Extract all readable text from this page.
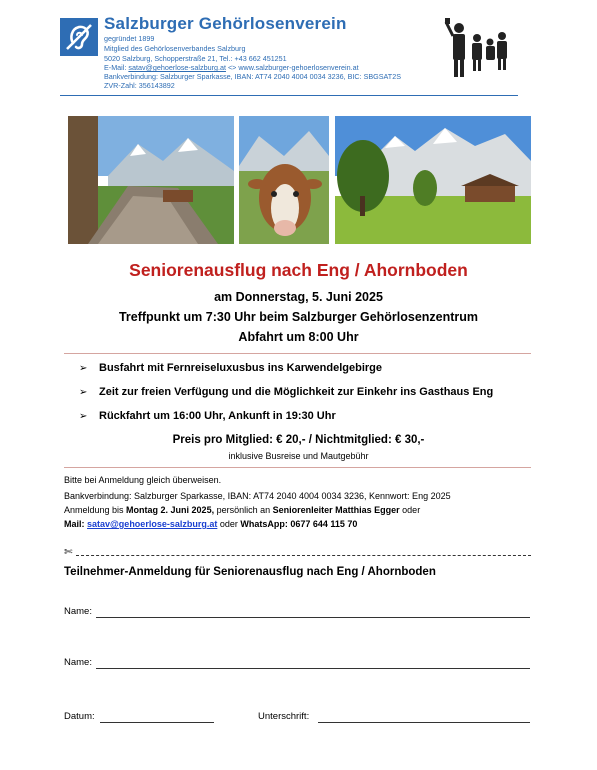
Salzburger Gehörlosenverein
gegründet 1899
Mitglied des Gehörlosenverbandes Salzburg
5020 Salzburg, Schopperstraße 21, Tel.: +43 662 451251
E-Mail: satav@gehoerlose-salzburg.at <> www.salzburger-gehoerlosenverein.at
Bankverbindung: Salzburger Sparkasse, IBAN: AT74 2040 4004 0034 3236, BIC: SBGSAT2S
ZVR-Zahl: 356143892
Seniorenausflug nach Eng / Ahornboden
am Donnerstag, 5. Juni 2025
Treffpunkt um 7:30 Uhr beim Salzburger Gehörlosenzentrum
Abfahrt um 8:00 Uhr
➢ Busfahrt mit Fernreiseluxusbus ins Karwendelgebirge
➢ Zeit zur freien Verfügung und die Möglichkeit zur Einkehr ins Gasthaus Eng
➢ Rückfahrt um 16:00 Uhr, Ankunft in 19:30 Uhr
Preis pro Mitglied: € 20,- / Nichtmitglied: € 30,-
inklusive Busreise und Mautgebühr
Bitte bei Anmeldung gleich überweisen.
Bankverbindung: Salzburger Sparkasse, IBAN: AT74 2040 4004 0034 3236, Kennwort: Eng 2025
Anmeldung bis Montag 2. Juni 2025, persönlich an Seniorenleiter Matthias Egger oder
Mail: satav@gehoerlose-salzburg.at oder WhatsApp: 0677 644 115 70
✄
Teilnehmer-Anmeldung für Seniorenausflug nach Eng / Ahornboden
Name:
Name:
Datum:	Unterschrift:
